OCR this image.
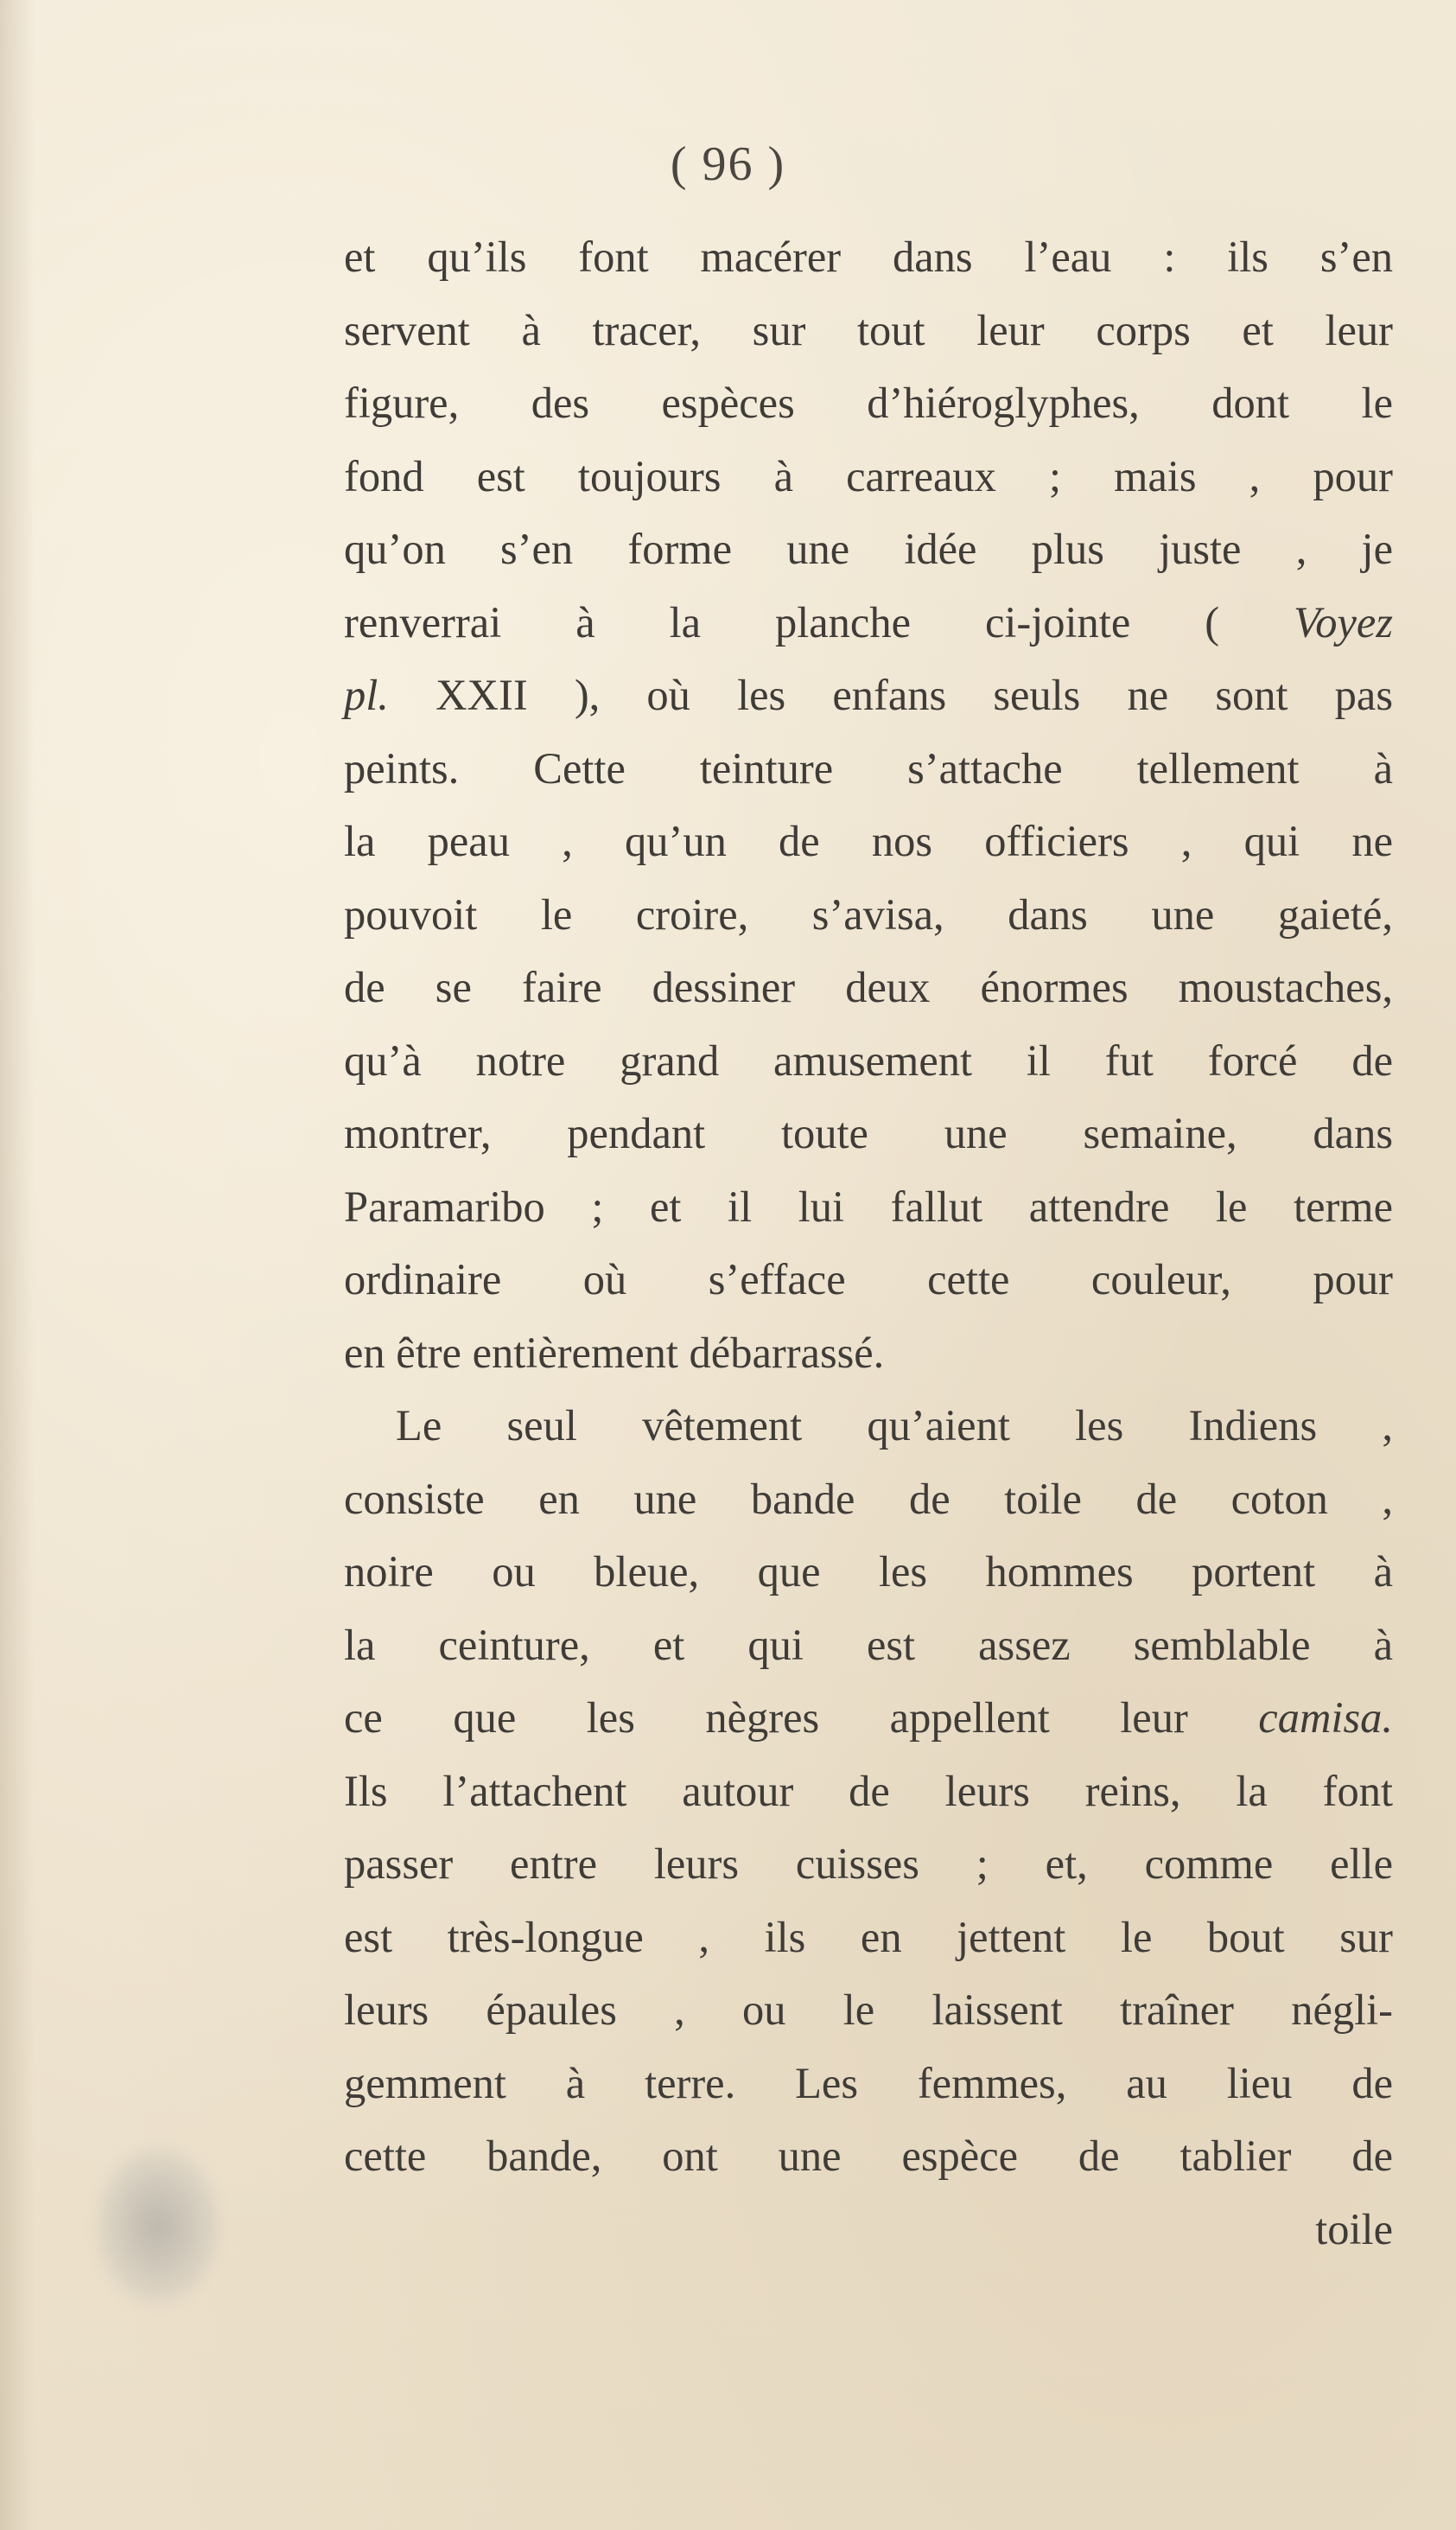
( 96 )
et qu’ils font macérer dans l’eau : ils s’en
servent à tracer, sur tout leur corps et leur
figure, des espèces d’hiéroglyphes, dont le
fond est toujours à carreaux ; mais , pour
qu’on s’en forme une idée plus juste , je
renverrai à la planche ci-jointe ( Voyez
pl. XXII ), où les enfans seuls ne sont pas
peints. Cette teinture s’attache tellement à
la peau , qu’un de nos officiers , qui ne
pouvoit le croire, s’avisa, dans une gaieté,
de se faire dessiner deux énormes moustaches,
qu’à notre grand amusement il fut forcé de
montrer, pendant toute une semaine, dans
Paramaribo ; et il lui fallut attendre le terme
ordinaire où s’efface cette couleur, pour
en être entièrement débarrassé.
Le seul vêtement qu’aient les Indiens ,
consiste en une bande de toile de coton ,
noire ou bleue, que les hommes portent à
la ceinture, et qui est assez semblable à
ce que les nègres appellent leur camisa.
Ils l’attachent autour de leurs reins, la font
passer entre leurs cuisses ; et, comme elle
est très-longue , ils en jettent le bout sur
leurs épaules , ou le laissent traîner négli-
gemment à terre. Les femmes, au lieu de
cette bande, ont une espèce de tablier de
toile
